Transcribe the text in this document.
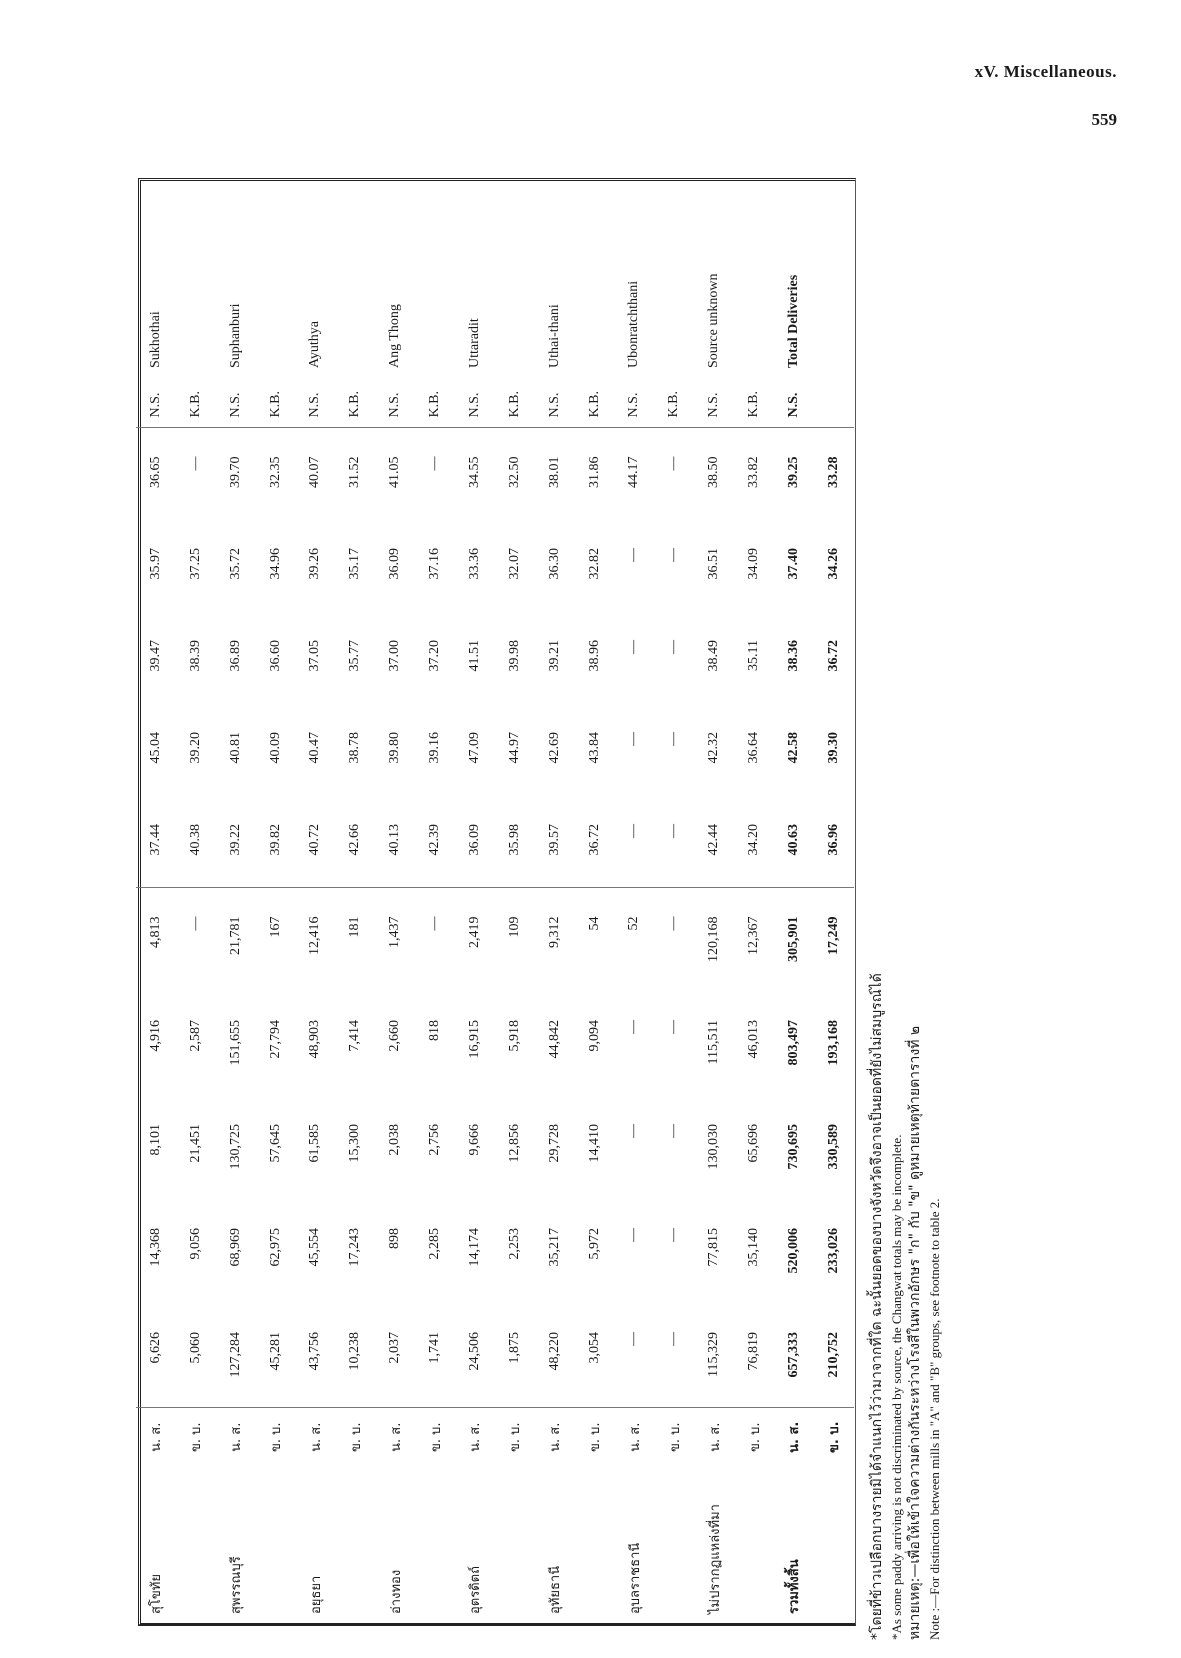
xV. Miscellaneous.
559
สุโขทัย	น. ส.	6,626	14,368	8,101	4,916	4,813	37.44	45.04	39.47	35.97	36.65	N.S.	Sukhothai
	ข. บ.	5,060	9,056	21,451	2,587	—	40.38	39.20	38.39	37.25	—	K.B.	
สุพรรณบุรี	น. ส.	127,284	68,969	130,725	151,655	21,781	39.22	40.81	36.89	35.72	39.70	N.S.	Suphanburi
	ข. บ.	45,281	62,975	57,645	27,794	167	39.82	40.09	36.60	34.96	32.35	K.B.	
อยุธยา	น. ส.	43,756	45,554	61,585	48,903	12,416	40.72	40.47	37.05	39.26	40.07	N.S.	Ayuthya
	ข. บ.	10,238	17,243	15,300	7,414	181	42.66	38.78	35.77	35.17	31.52	K.B.	
อ่างทอง	น. ส.	2,037	898	2,038	2,660	1,437	40.13	39.80	37.00	36.09	41.05	N.S.	Ang Thong
	ข. บ.	1,741	2,285	2,756	818	—	42.39	39.16	37.20	37.16	—	K.B.	
อุตรดิตถ์	น. ส.	24,506	14,174	9,666	16,915	2,419	36.09	47.09	41.51	33.36	34.55	N.S.	Uttaradit
	ข. บ.	1,875	2,253	12,856	5,918	109	35.98	44.97	39.98	32.07	32.50	K.B.	
อุทัยธานี	น. ส.	48,220	35,217	29,728	44,842	9,312	39.57	42.69	39.21	36.30	38.01	N.S.	Uthai-thani
	ข. บ.	3,054	5,972	14,410	9,094	54	36.72	43.84	38.96	32.82	31.86	K.B.	
อุบลราชธานี	น. ส.	—	—	—	—	52	—	—	—	—	44.17	N.S.	Ubonratchthani
	ข. บ.	—	—	—	—	—	—	—	—	—	—	K.B.	
ไม่ปรากฏแหล่งที่มา	น. ส.	115,329	77,815	130,030	115,511	120,168	42.44	42.32	38.49	36.51	38.50	N.S.	Source unknown
	ข. บ.	76,819	35,140	65,696	46,013	12,367	34.20	36.64	35.11	34.09	33.82	K.B.	
รวมทั้งสิ้น	น. ส.	657,333	520,006	730,695	803,497	305,901	40.63	42.58	38.36	37.40	39.25	N.S.	Total Deliveries
	ข. บ.	210,752	233,026	330,589	193,168	17,249	36.96	39.30	36.72	34.26	33.28		
*โดยที่ข้าวเปลือกบางรายมิได้จำแนกไว้ว่ามาจากที่ใด ฉะนั้นยอดของบางจังหวัดจึงอาจเป็นยอดที่ยังไม่สมบูรณ์ได้ *As some paddy arriving is not discriminated by source, the Changwat totals may be incomplete. หมายเหตุ:—เพื่อให้เข้าใจความต่างกันระหว่างโรงสีในพวกอักษร "ก" กับ "ข" ดูหมายเหตุท้ายตารางที่ ๒ Note :—For distinction between mills in "A" and "B" groups, see footnote to table 2.
